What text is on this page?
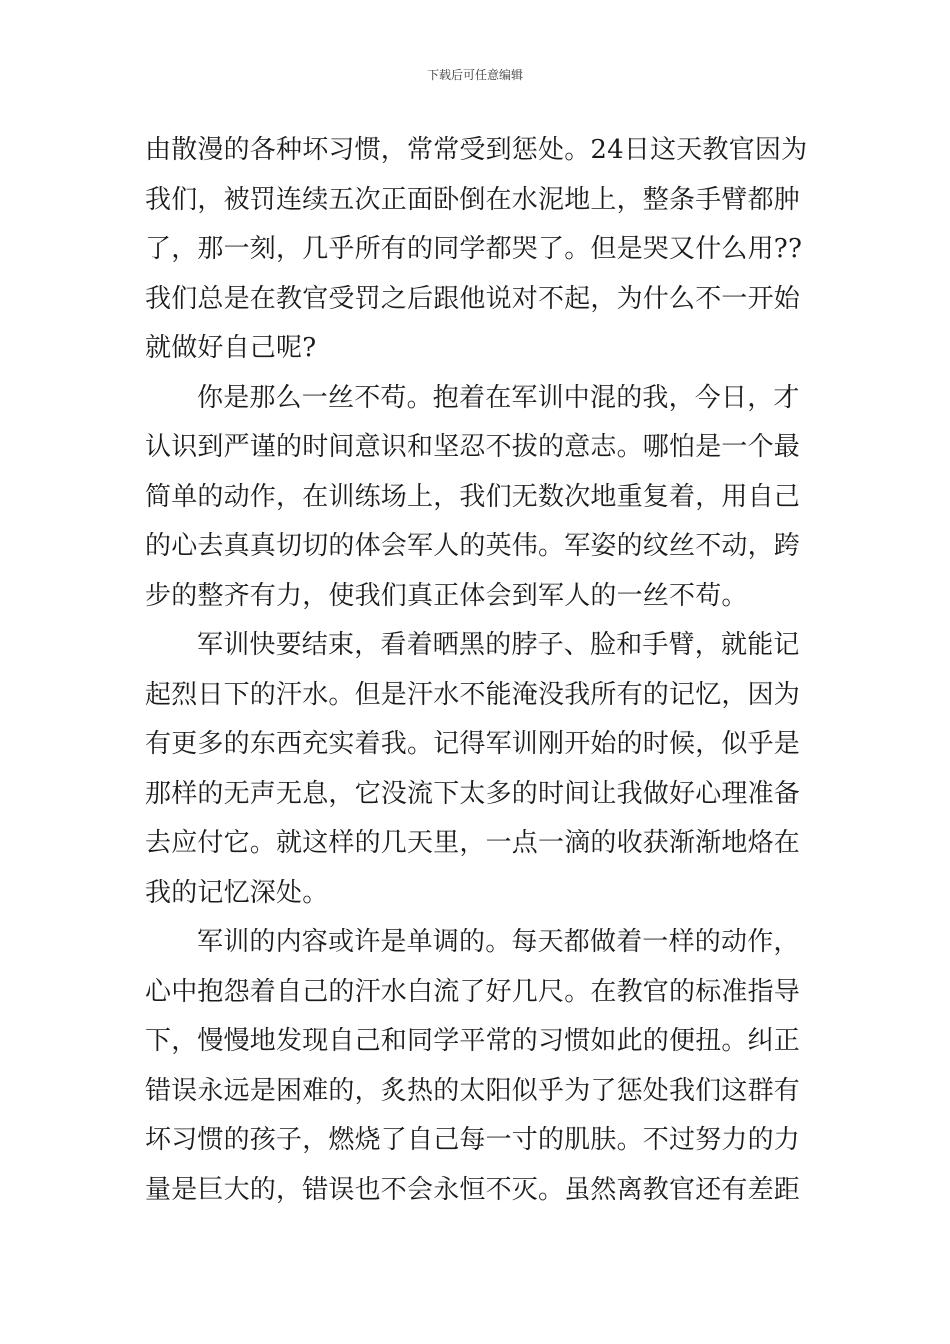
下载后可任意编辑

由散漫的各种坏习惯，常常受到惩处。24日这天教官因为我们，被罚连续五次正面卧倒在水泥地上，整条手臂都肿了，那一刻，几乎所有的同学都哭了。但是哭又什么用??我们总是在教官受罚之后跟他说对不起，为什么不一开始就做好自己呢?

你是那么一丝不苟。抱着在军训中混的我，今日，才认识到严谨的时间意识和坚忍不拔的意志。哪怕是一个最简单的动作，在训练场上，我们无数次地重复着，用自己的心去真真切切的体会军人的英伟。军姿的纹丝不动，跨步的整齐有力，使我们真正体会到军人的一丝不苟。

军训快要结束，看着晒黑的脖子、脸和手臂，就能记起烈日下的汗水。但是汗水不能淹没我所有的记忆，因为有更多的东西充实着我。记得军训刚开始的时候，似乎是那样的无声无息，它没流下太多的时间让我做好心理准备去应付它。就这样的几天里，一点一滴的收获渐渐地烙在我的记忆深处。

军训的内容或许是单调的。每天都做着一样的动作，心中抱怨着自己的汗水白流了好几尺。在教官的标准指导下，慢慢地发现自己和同学平常的习惯如此的便扭。纠正错误永远是困难的，炙热的太阳似乎为了惩处我们这群有坏习惯的孩子，燃烧了自己每一寸的肌肤。不过努力的力量是巨大的，错误也不会永恒不灭。虽然离教官还有差距
